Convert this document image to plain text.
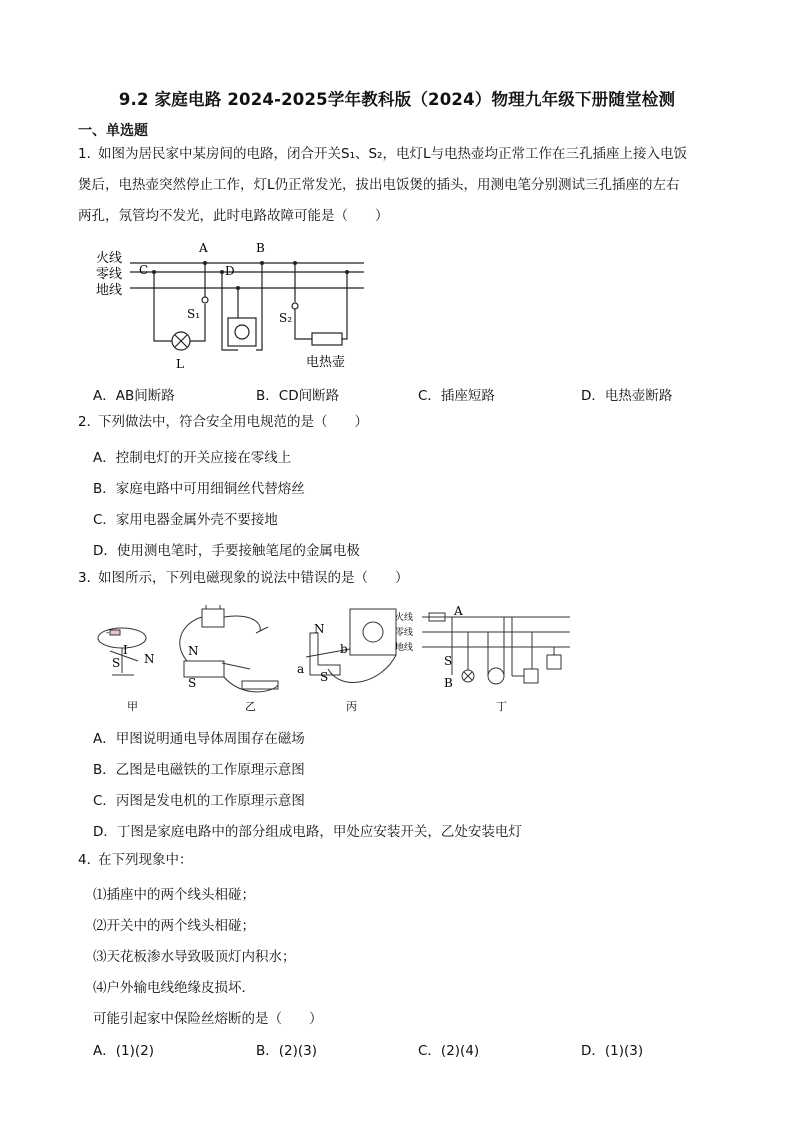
9.2 家庭电路 2024-2025学年教科版（2024）物理九年级下册随堂检测
一、单选题
1．
如图为居民家中某房间的电路，闭合开关S₁、S₂，电灯L与电热壶均正常工作在三孔插座上接入电饭
煲后，电热壶突然停止工作，灯L仍正常发光，拔出电饭煲的插头，用测电笔分别测试三孔插座的左右
两孔，氖管均不发光，此时电路故障可能是（　　）
火线
零线
地线
A	B
C	D
S₁	S₂
L	电热壶
A．AB间断路	B．CD间断路	C．插座短路	D．电热壶断路
2．
下列做法中，符合安全用电规范的是（　　）
A．控制电灯的开关应接在零线上
B．家庭电路中可用细铜丝代替熔丝
C．家用电器金属外壳不要接地
D．使用测电笔时，手要接触笔尾的金属电极
3．
如图所示，下列电磁现象的说法中错误的是（　　）
-
I
S N
N
S
N
S
a
b
火线
零线
地线
A
B
S
甲	乙	丙	丁
A．甲图说明通电导体周围存在磁场
B．乙图是电磁铁的工作原理示意图
C．丙图是发电机的工作原理示意图
D．丁图是家庭电路中的部分组成电路，甲处应安装开关，乙处安装电灯
4．
在下列现象中：
⑴插座中的两个线头相碰；
⑵开关中的两个线头相碰；
⑶天花板渗水导致吸顶灯内积水；
⑷户外输电线绝缘皮损坏．
可能引起家中保险丝熔断的是（　　）
A．(1)(2)	B．(2)(3)	C．(2)(4)	D．(1)(3)
